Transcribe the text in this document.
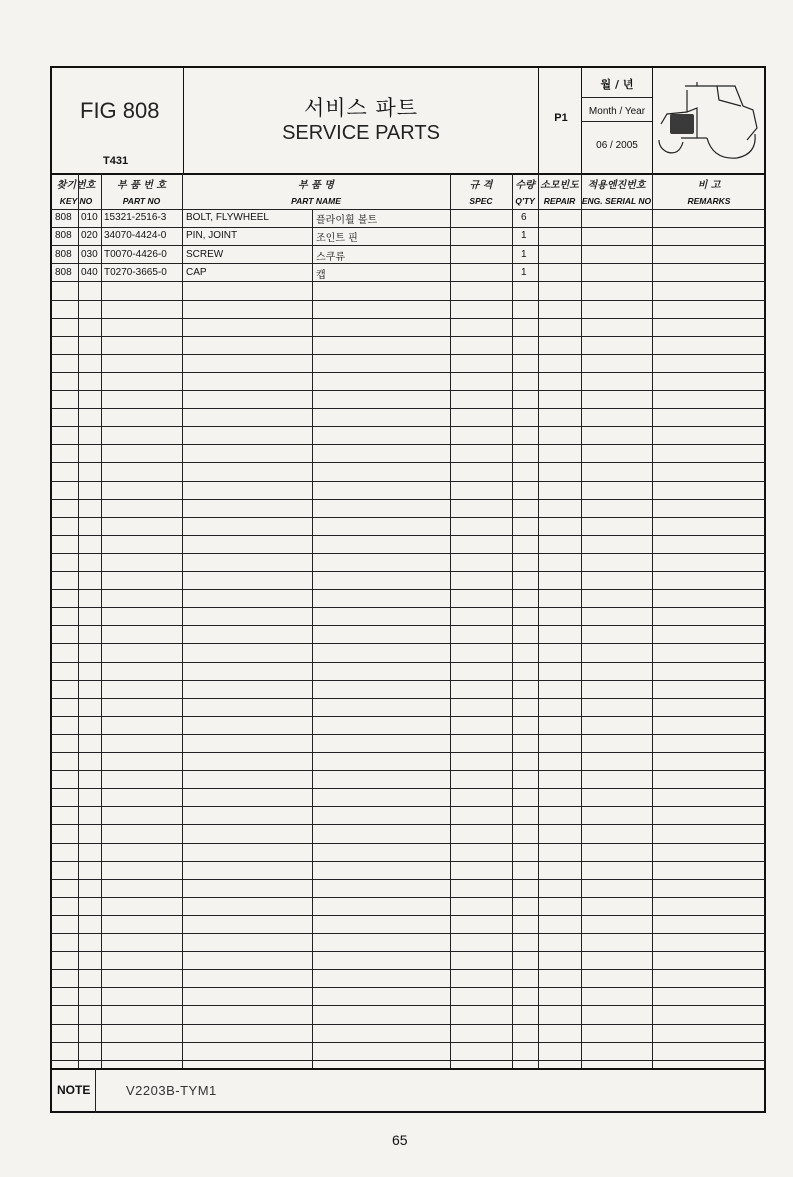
FIG 808
T431
서비스 파트
SERVICE PARTS
P1
월 / 년
Month / Year
06 / 2005
찾기번호
KEY NO
부 품 번 호
PART NO
부 품 명
PART NAME
규 격
SPEC
수량
Q'TY
소모빈도
REPAIR
적용엔진번호
ENG. SERIAL NO
비 고
REMARKS
808 010 15321-2516-3 BOLT, FLYWHEEL	플라이휠 볼트	6
808 020 34070-4424-0 PIN, JOINT	조인트 핀	1
808 030 T0070-4426-0 SCREW	스쿠류	1
808 040 T0270-3665-0 CAP	캡	1
NOTE	V2203B-TYM1
65
